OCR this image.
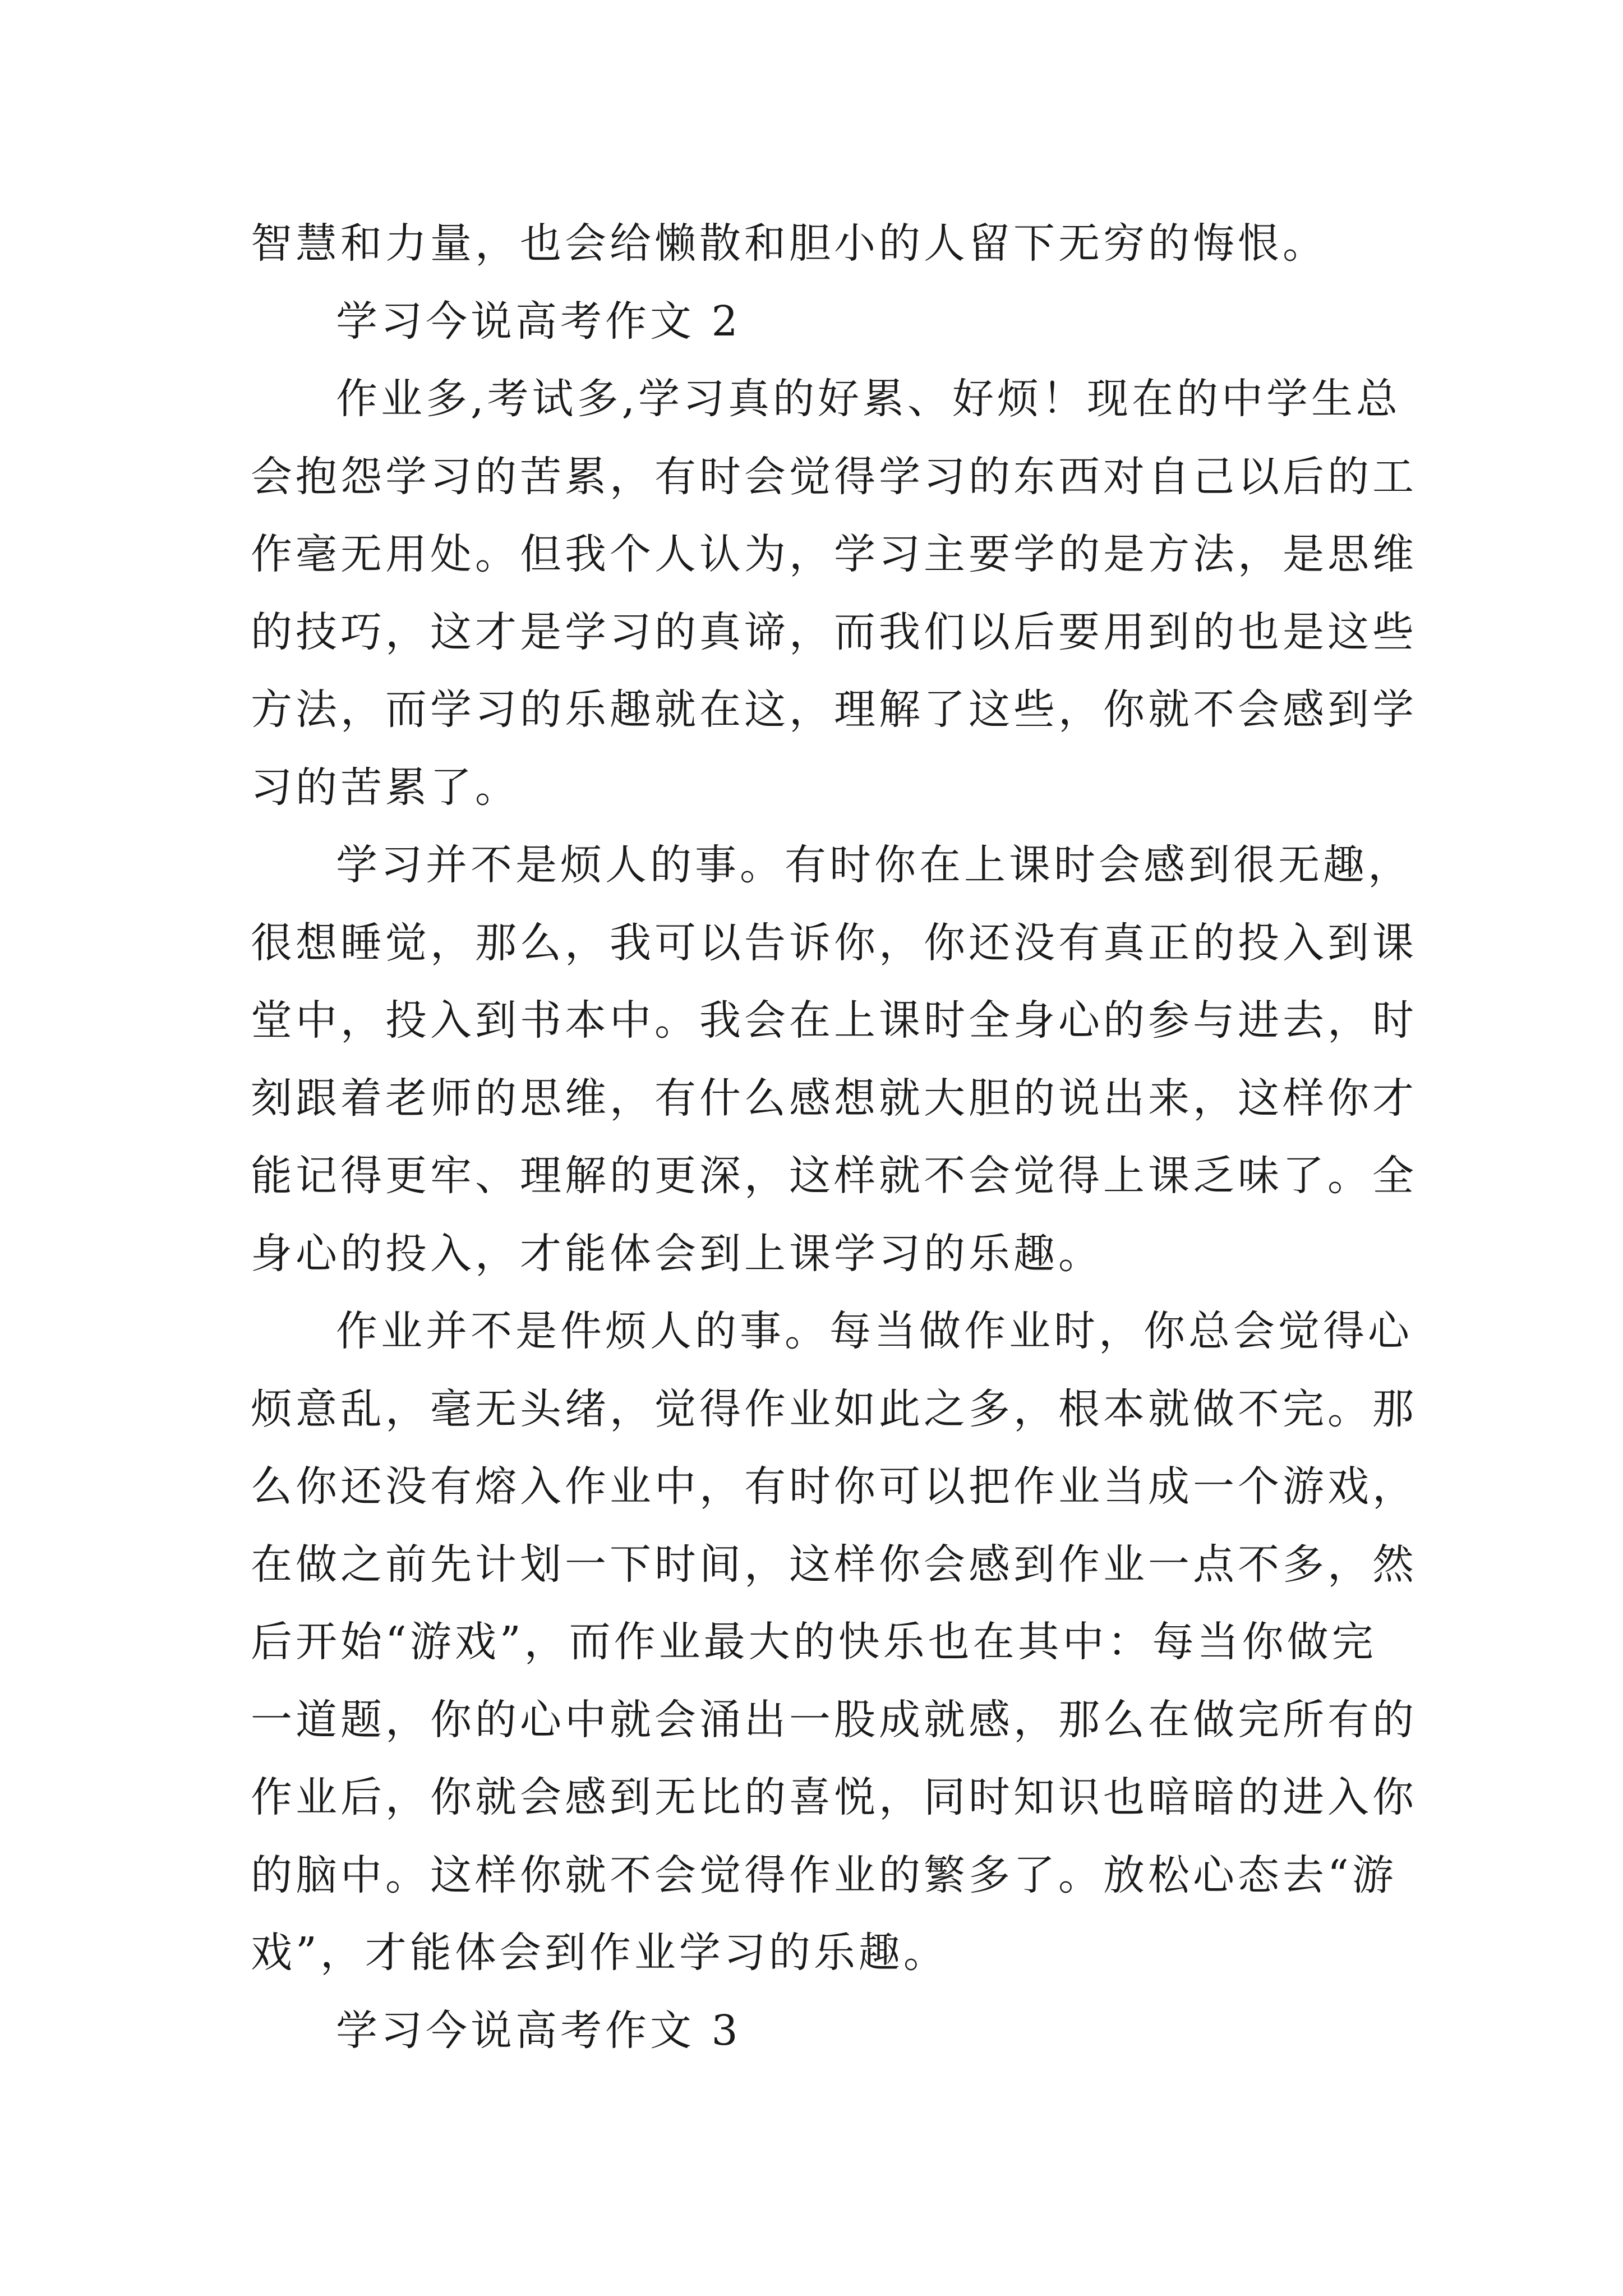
智慧和力量，也会给懒散和胆小的人留下无穷的悔恨。
学习今说高考作文 2
作业多,考试多,学习真的好累、好烦！现在的中学生总
会抱怨学习的苦累，有时会觉得学习的东西对自己以后的工
作毫无用处。但我个人认为，学习主要学的是方法，是思维
的技巧，这才是学习的真谛，而我们以后要用到的也是这些
方法，而学习的乐趣就在这，理解了这些，你就不会感到学
习的苦累了。
学习并不是烦人的事。有时你在上课时会感到很无趣，
很想睡觉，那么，我可以告诉你，你还没有真正的投入到课
堂中，投入到书本中。我会在上课时全身心的参与进去，时
刻跟着老师的思维，有什么感想就大胆的说出来，这样你才
能记得更牢、理解的更深，这样就不会觉得上课乏味了。全
身心的投入，才能体会到上课学习的乐趣。
作业并不是件烦人的事。每当做作业时，你总会觉得心
烦意乱，毫无头绪，觉得作业如此之多，根本就做不完。那
么你还没有熔入作业中，有时你可以把作业当成一个游戏，
在做之前先计划一下时间，这样你会感到作业一点不多，然
后开始“游戏”，而作业最大的快乐也在其中：每当你做完
一道题，你的心中就会涌出一股成就感，那么在做完所有的
作业后，你就会感到无比的喜悦，同时知识也暗暗的进入你
的脑中。这样你就不会觉得作业的繁多了。放松心态去“游
戏”，才能体会到作业学习的乐趣。
学习今说高考作文 3
